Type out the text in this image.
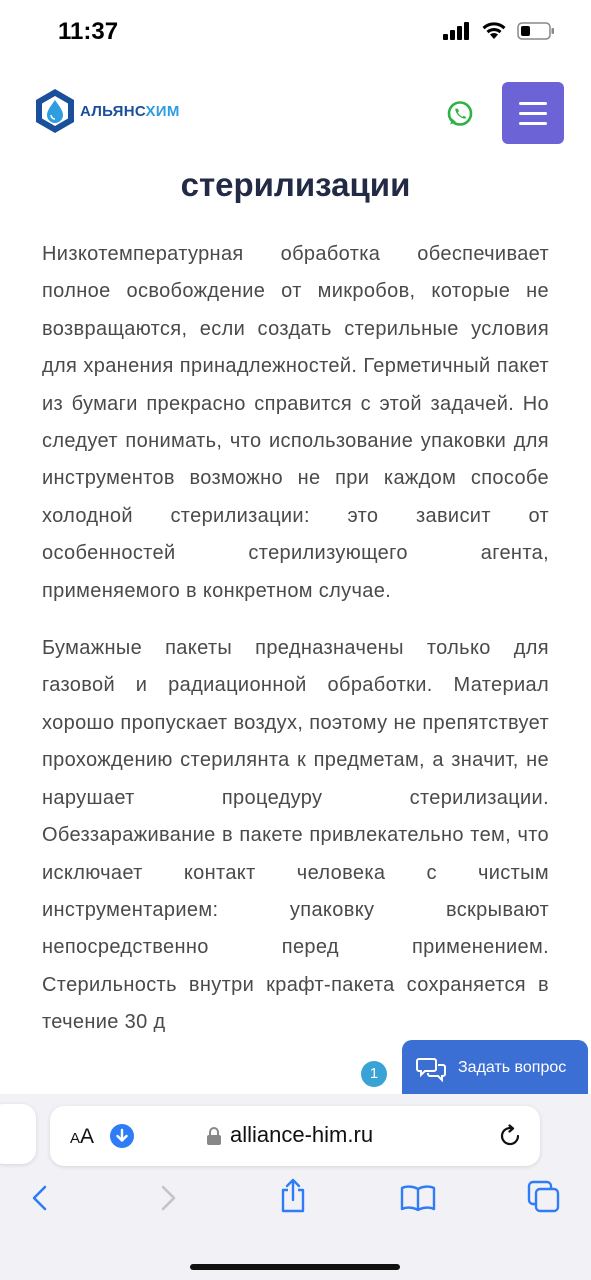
11:37
АЛЬЯНСХИМ
стерилизации

Низкотемпературная обработка обеспечивает полное освобождение от микробов, которые не возвращаются, если создать стерильные условия для хранения принадлежностей. Герметичный пакет из бумаги прекрасно справится с этой задачей. Но следует понимать, что использование упаковки для инструментов возможно не при каждом способе холодной стерилизации: это зависит от особенностей стерилизующего агента, применяемого в конкретном случае.

Бумажные пакеты предназначены только для газовой и радиационной обработки. Материал хорошо пропускает воздух, поэтому не препятствует прохождению стерилянта к предметам, а значит, не нарушает процедуру стерилизации. Обеззараживание в пакете привлекательно тем, что исключает контакт человека с чистым инструментарием: упаковку вскрывают непосредственно перед применением. Стерильность внутри крафт-пакета сохраняется в течение 30 д

1	Задать вопрос
AA	alliance-him.ru
